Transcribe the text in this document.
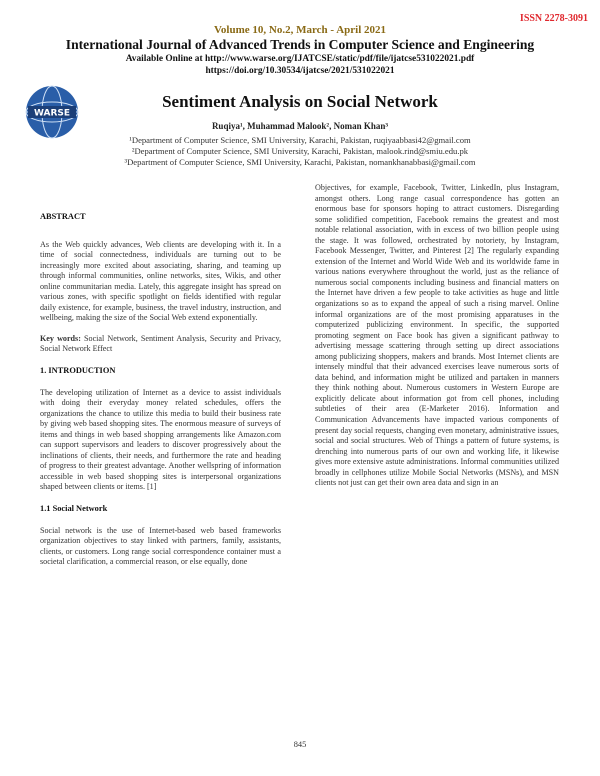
ISSN 2278-3091
Volume 10, No.2, March - April 2021
International Journal of Advanced Trends in Computer Science and Engineering
Available Online at http://www.warse.org/IJATCSE/static/pdf/file/ijatcse531022021.pdf
https://doi.org/10.30534/ijatcse/2021/531022021
WARSE
Sentiment Analysis on Social Network
Ruqiya¹, Muhammad Malook², Noman Khan³
¹Department of Computer Science, SMI University, Karachi, Pakistan, ruqiyaabbasi42@gmail.com
²Department of Computer Science, SMI University, Karachi, Pakistan, malook.rind@smiu.edu.pk
³Department of Computer Science, SMI University, Karachi, Pakistan, nomankhanabbasi@gmail.com

ABSTRACT

As the Web quickly advances, Web clients are developing with it. In a time of social connectedness, individuals are turning out to be increasingly more excited about associating, sharing, and teaming up through informal communities, online networks, sites, Wikis, and other online communitarian media. Lately, this aggregate insight has spread on various zones, with specific spotlight on fields identified with regular daily existence, for example, business, the travel industry, instruction, and wellbeing, making the size of the Social Web extend exponentially.

Key words: Social Network, Sentiment Analysis, Security and Privacy, Social Network Effect

1. INTRODUCTION

The developing utilization of Internet as a device to assist individuals with doing their everyday money related schedules, offers the organizations the chance to utilize this media to build their business rate by giving web based shopping sites. The enormous measure of surveys of items and things in web based shopping arrangements like Amazon.com can support supervisors and leaders to discover progressively about the inclinations of clients, their needs, and furthermore the rate and heading of progress to their greatest advantage. Another wellspring of information accessible in web based shopping sites is interpersonal organizations shaped between clients or items. [1]

1.1 Social Network

Social network is the use of Internet-based web based frameworks organization objectives to stay linked with partners, family, assistants, clients, or customers. Long range social correspondence container must a societal clarification, a commercial reason, or else equally, done

Objectives, for example, Facebook, Twitter, LinkedIn, plus Instagram, amongst others. Long range casual correspondence has gotten an enormous base for sponsors hoping to attract customers. Disregarding some solidified competition, Facebook remains the greatest and most notable relational association, with in excess of two billion people using the stage. It was followed, orchestrated by notoriety, by Instagram, Facebook Messenger, Twitter, and Pinterest [2] The regularly expanding extension of the Internet and World Wide Web and its worldwide fame in various nations everywhere throughout the world, just as the reliance of numerous social components including business and financial matters on the Internet have driven a few people to take activities as huge and little organizations so as to expand the appeal of such a rising marvel. Online informal organizations are of the most promising apparatuses in the computerized publicizing environment. In specific, the supported promoting segment on Face book has given a significant pathway to advertising message scattering through setting up direct associations among publicizing shoppers, makers and brands. Most Internet clients are intensely mindful that their advanced exercises leave numerous sorts of data behind, and information might be utilized and partaken in manners they think nothing about. Numerous customers in Western Europe are explicitly delicate about information got from cell phones, including subtleties of their area (E-Marketer 2016). Information and Communication Advancements have impacted various components of present day social requests, changing even monetary, administrative issues, social and social structures. Web of Things a pattern of future systems, is drenching into numerous parts of our own and working life, it likewise gives more extensive astute administrations. Informal communities utilized broadly in cellphones utilize Mobile Social Networks (MSNs), and MSN clients not just can get their own area data and sign in an

845
